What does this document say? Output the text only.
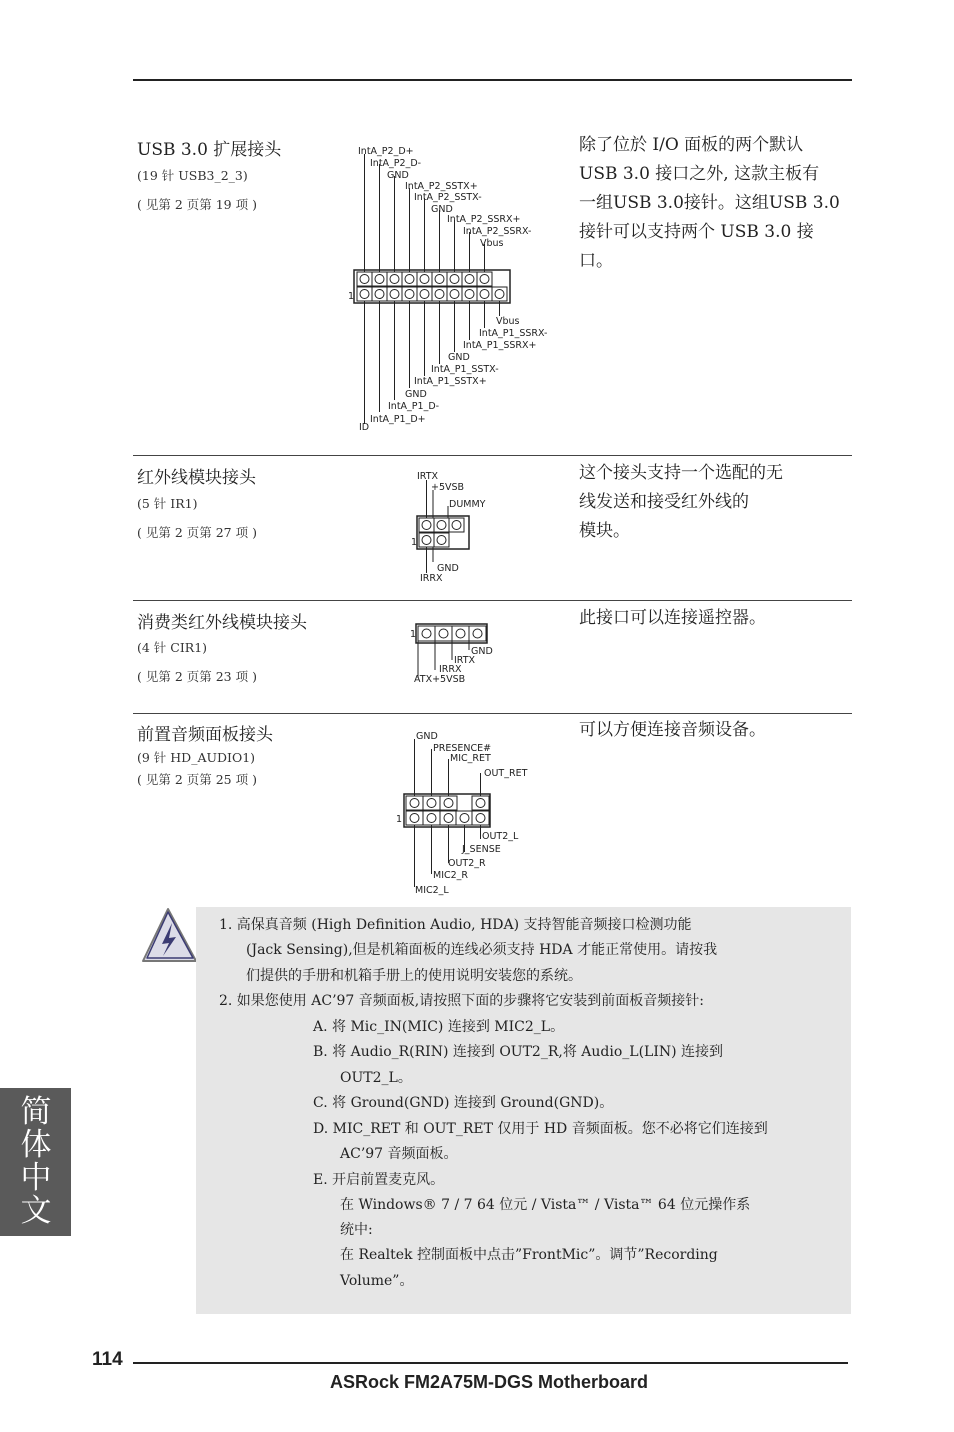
USB 3.0 扩展接头
(19 针 USB3_2_3)
( 见第 2 页第 19 项 )
除了位於 I/O 面板的两个默认
USB 3.0 接口之外, 这款主板有
一组USB 3.0接针。这组USB 3.0
接针可以支持两个 USB 3.0 接
口。
1
IntA_P2_D+
IntA_P2_D-
GND
IntA_P2_SSTX+
IntA_P2_SSTX-
GND
IntA_P2_SSRX+
IntA_P2_SSRX-
Vbus
Vbus
IntA_P1_SSRX-
IntA_P1_SSRX+
GND
IntA_P1_SSTX-
IntA_P1_SSTX+
GND
IntA_P1_D-
IntA_P1_D+
ID
红外线模块接头
(5 针 IR1)
( 见第 2 页第 27 项 )
这个接头支持一个选配的无
线发送和接受红外线的
模块。
1
IRTX
+5VSB
DUMMY
GND
IRRX
消费类红外线模块接头
(4 针 CIR1)
( 见第 2 页第 23 项 )
此接口可以连接遥控器。
1
GND
IRTX
IRRX
ATX+5VSB
前置音频面板接头
(9 针 HD_AUDIO1)
( 见第 2 页第 25 项 )
可以方便连接音频设备。
1
GND
PRESENCE#
MIC_RET
OUT_RET
OUT2_L
J_SENSE
OUT2_R
MIC2_R
MIC2_L
1. 高保真音频 (High Definition Audio, HDA) 支持智能音频接口检测功能
(Jack Sensing),但是机箱面板的连线必须支持 HDA 才能正常使用。请按我
们提供的手册和机箱手册上的使用说明安装您的系统。
2. 如果您使用 AC’97 音频面板,请按照下面的步骤将它安装到前面板音频接针:
A. 将 Mic_IN(MIC) 连接到 MIC2_L。
B. 将 Audio_R(RIN) 连接到 OUT2_R,将 Audio_L(LIN) 连接到
OUT2_L。
C. 将 Ground(GND) 连接到 Ground(GND)。
D. MIC_RET 和 OUT_RET 仅用于 HD 音频面板。您不必将它们连接到
AC’97 音频面板。
E. 开启前置麦克风。
在 Windows® 7 / 7 64 位元 / Vista™ / Vista™ 64 位元操作系
统中:
在 Realtek 控制面板中点击”FrontMic”。调节”Recording
Volume”。
简体中文
114
ASRock FM2A75M-DGS Motherboard
